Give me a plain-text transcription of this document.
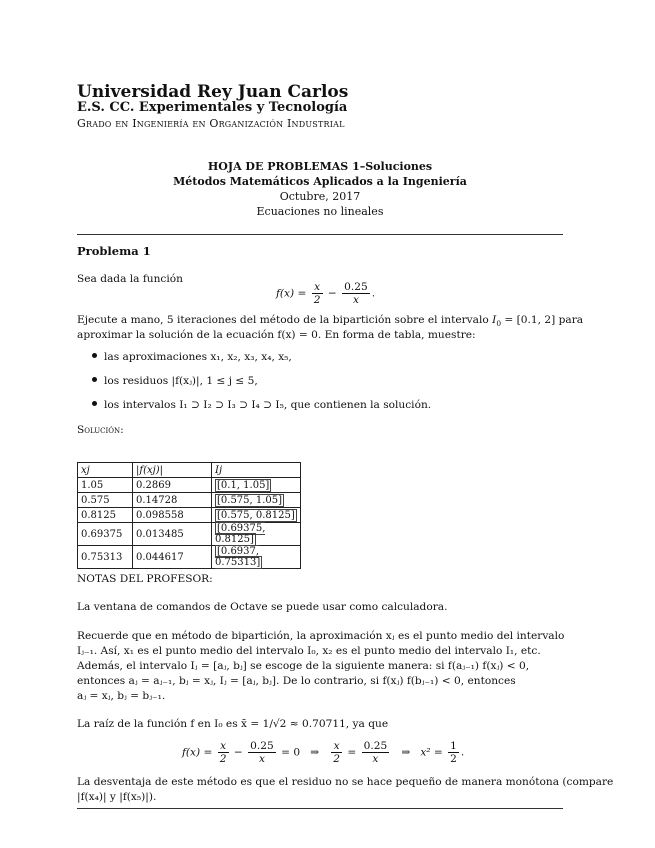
Universidad Rey Juan Carlos
E.S. CC. Experimentales y Tecnología
Grado en Ingeniería en Organización Industrial
HOJA DE PROBLEMAS 1–Soluciones
Métodos Matemáticos Aplicados a la Ingeniería
Octubre, 2017
Ecuaciones no lineales
Problema 1
Sea dada la función
$f(x) = \frac{x}{2} - \frac{0.25}{x}$ .
Ejecute a mano, 5 iteraciones del método de la bipartición sobre el intervalo $I_0 = [0.1$, 2] para
aproximar la solución de la ecuación f(x) = 0. En forma de tabla, muestre:
las aproximaciones x₁, x₂, x₃, x₄, x₅,
los residuos |f(xⱼ)|, 1 ≤ j ≤ 5,
los intervalos I₁ ⊃ I₂ ⊃ I₃ ⊃ I₄ ⊃ I₅, que contienen la solución.
Solución:
xj	|f(xj)|	Ij
1.05	0.2869	[0.1, 1.05]
0.575	0.14728	[0.575, 1.05]
0.8125	0.098558	[0.575, 0.8125]
0.69375	0.013485	[0.69375, 0.8125]
0.75313	0.044617	[0.6937, 0.75313]
NOTAS DEL PROFESOR:
La ventana de comandos de Octave se puede usar como calculadora.
Recuerde que en método de bipartición, la aproximación xⱼ es el punto medio del intervalo
Iⱼ₋₁. Así, x₁ es el punto medio del intervalo I₀, x₂ es el punto medio del intervalo I₁, etc.
Además, el intervalo Iⱼ = [aⱼ, bⱼ] se escoge de la siguiente manera: si f(aⱼ₋₁) f(xⱼ) < 0,
entonces aⱼ = aⱼ₋₁, bⱼ = xⱼ, Iⱼ = [aⱼ, bⱼ]. De lo contrario, si f(xⱼ) f(bⱼ₋₁) < 0, entonces
aⱼ = xⱼ, bⱼ = bⱼ₋₁.
La raíz de la función f en I₀ es x̄ = 1/√2 ≈ 0.70711, ya que
$f(x) = \frac{x}{2} - \frac{0.25}{x} = 0$ ⇒ $\frac{x}{2} = \frac{0.25}{x}$ ⇒ $x^2 = \frac{1}{2}$ .
La desventaja de este método es que el residuo no se hace pequeño de manera monótona (compare
|f(x₄)| y |f(x₅)|).
